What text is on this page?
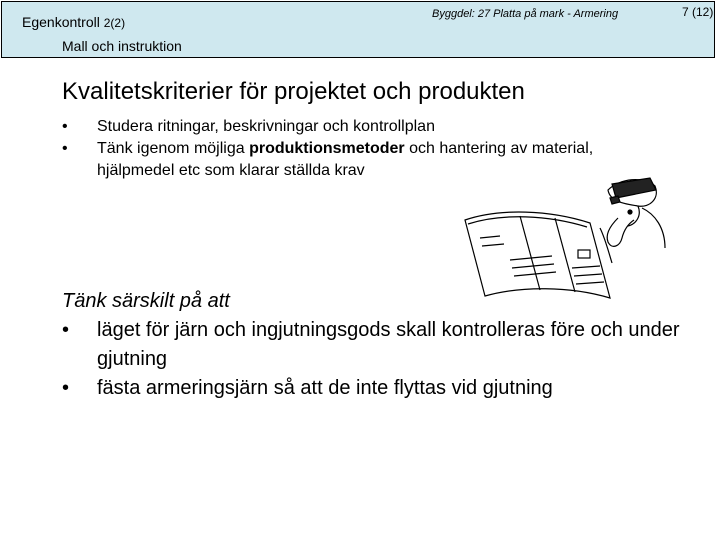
Egenkontroll 2(2)
Mall och instruktion
Byggdel: 27 Platta på mark - Armering	7 (12)
Kvalitetskriterier för projektet och produkten
• Studera ritningar, beskrivningar och kontrollplan
• Tänk igenom möjliga produktionsmetoder och hantering av material, hjälpmedel etc som klarar ställda krav
Tänk särskilt på att
• läget för järn och ingjutningsgods skall kontrolleras före och under gjutning
• fästa armeringsjärn så att de inte flyttas vid gjutning
